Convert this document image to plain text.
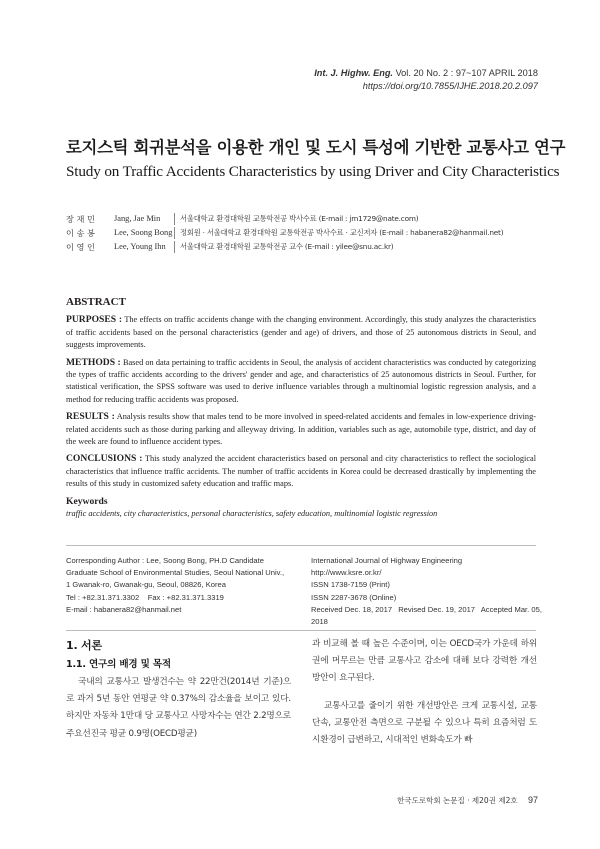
Int. J. Highw. Eng. Vol. 20 No. 2 : 97~107 APRIL 2018
https://doi.org/10.7855/IJHE.2018.20.2.097
로지스틱 회귀분석을 이용한 개인 및 도시 특성에 기반한 교통사고 연구
Study on Traffic Accidents Characteristics by using Driver and City Characteristics
장 재 민	Jang, Jae Min	서울대학교 환경대학원 교통학전공 박사수료 (E-mail : jm1729@nate.com)
이 송 봉	Lee, Soong Bong 정회원 · 서울대학교 환경대학원 교통학전공 박사수료 · 교신저자 (E-mail : habanera82@hanmail.net)
이 영 인	Lee, Young Ihn	서울대학교 환경대학원 교통학전공 교수 (E-mail : yilee@snu.ac.kr)
ABSTRACT

PURPOSES : The effects on traffic accidents change with the changing environment. Accordingly, this study analyzes the characteristics of traffic accidents based on the personal characteristics (gender and age) of drivers, and those of 25 autonomous districts in Seoul, and suggests improvements.

METHODS : Based on data pertaining to traffic accidents in Seoul, the analysis of accident characteristics was conducted by categorizing the types of traffic accidents according to the drivers' gender and age, and characteristics of 25 autonomous districts in Seoul. Further, for statistical verification, the SPSS software was used to derive influence variables through a multinomial logistic regression analysis, and a method for reducing traffic accidents was proposed.

RESULTS : Analysis results show that males tend to be more involved in speed-related accidents and females in low-experience driving-related accidents such as those during parking and alleyway driving. In addition, variables such as age, automobile type, district, and day of the week are found to influence accident types.

CONCLUSIONS : This study analyzed the accident characteristics based on personal and city characteristics to reflect the sociological characteristics that influence traffic accidents. The number of traffic accidents in Korea could be decreased drastically by implementing the results of this study in customized safety education and traffic maps.

Keywords
traffic accidents, city characteristics, personal characteristics, safety education, multinomial logistic regression
Corresponding Author : Lee, Soong Bong, PH.D Candidate
Graduate School of Environmental Studies, Seoul National Univ.,
1 Gwanak-ro, Gwanak-gu, Seoul, 08826, Korea
Tel : +82.31.371.3302    Fax : +82.31.371.3319
E-mail : habanera82@hanmail.net
International Journal of Highway Engineering
http://www.ksre.or.kr/
ISSN 1738-7159 (Print)
ISSN 2287-3678 (Online)
Received Dec. 18, 2017 Revised Dec. 19, 2017 Accepted Mar. 05, 2018
1. 서론
1.1. 연구의 배경 및 목적

국내의 교통사고 발생건수는 약 22만건(2014년 기준)으로 과거 5년 동안 연평균 약 0.37%의 감소율을 보이고 있다. 하지만 자동차 1만대 당 교통사고 사망자수는 연간 2.2명으로 주요선진국 평균 0.9명(OECD평균)

과 비교해 볼 때 높은 수준이며, 이는 OECD국가 가운데 하위권에 머무르는 만큼 교통사고 감소에 대해 보다 강력한 개선방안이 요구된다.

교통사고를 줄이기 위한 개선방안은 크게 교통시설, 교통단속, 교통안전 측면으로 구분될 수 있으나 특히 요즘처럼 도시환경이 급변하고, 시대적인 변화속도가 빠

한국도로학회 논문집 · 제20권 제2호 97
